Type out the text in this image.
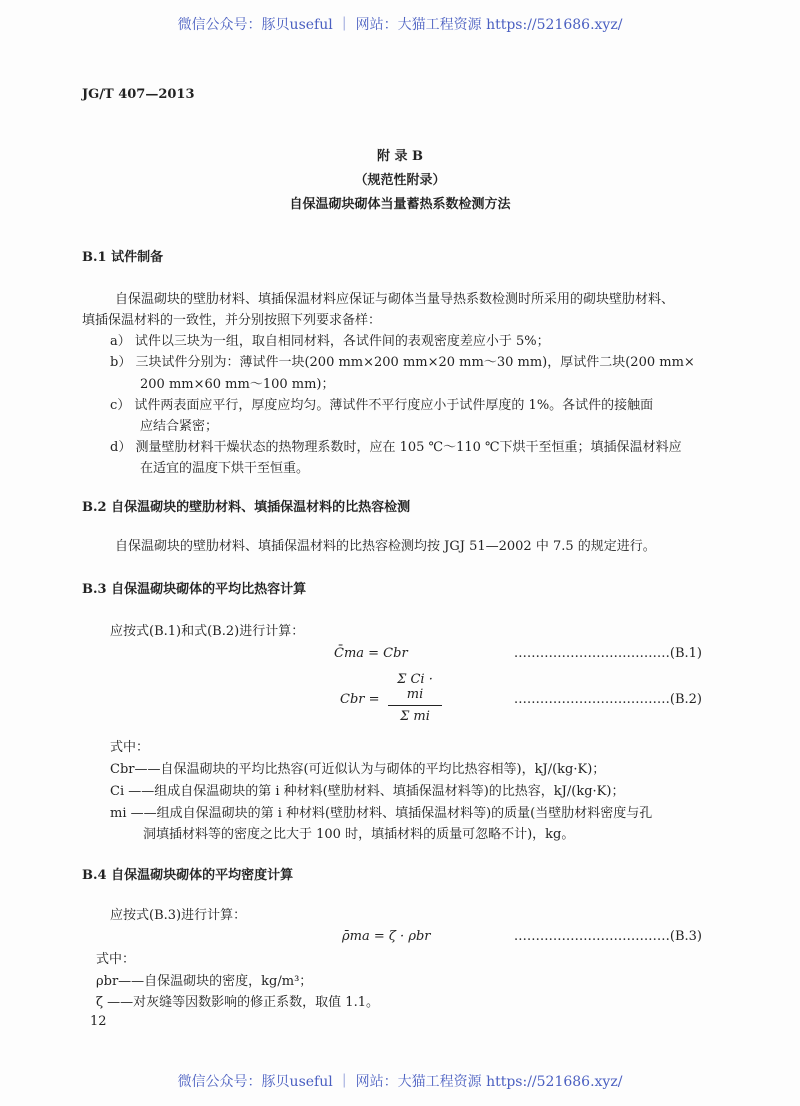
微信公众号：豚贝useful ｜ 网站：大猫工程资源 https://521686.xyz/
JG/T 407—2013
附 录 B
（规范性附录）
自保温砌块砌体当量蓄热系数检测方法
B.1 试件制备
自保温砌块的壁肋材料、填插保温材料应保证与砌体当量导热系数检测时所采用的砌块壁肋材料、
填插保温材料的一致性，并分别按照下列要求备样：
a） 试件以三块为一组，取自相同材料，各试件间的表观密度差应小于 5%；
b） 三块试件分别为：薄试件一块(200 mm×200 mm×20 mm～30 mm)，厚试件二块(200 mm×
200 mm×60 mm～100 mm)；
c） 试件两表面应平行，厚度应均匀。薄试件不平行度应小于试件厚度的 1%。各试件的接触面
应结合紧密；
d） 测量壁肋材料干燥状态的热物理系数时，应在 105 ℃～110 ℃下烘干至恒重；填插保温材料应
在适宜的温度下烘干至恒重。
B.2 自保温砌块的壁肋材料、填插保温材料的比热容检测
自保温砌块的壁肋材料、填插保温材料的比热容检测均按 JGJ 51—2002 中 7.5 的规定进行。
B.3 自保温砌块砌体的平均比热容计算
应按式(B.1)和式(B.2)进行计算：
C̄ma = Cbr	………………………………(B.1)
Cbr =
Σ Ci · mi
Σ mi
………………………………(B.2)
式中：
Cbr——自保温砌块的平均比热容(可近似认为与砌体的平均比热容相等)，kJ/(kg·K)；
Ci ——组成自保温砌块的第 i 种材料(壁肋材料、填插保温材料等)的比热容，kJ/(kg·K)；
mi ——组成自保温砌块的第 i 种材料(壁肋材料、填插保温材料等)的质量(当壁肋材料密度与孔
洞填插材料等的密度之比大于 100 时，填插材料的质量可忽略不计)，kg。
B.4 自保温砌块砌体的平均密度计算
应按式(B.3)进行计算：
ρ̄ma = ζ · ρbr	………………………………(B.3)
式中：
ρbr——自保温砌块的密度，kg/m³；
ζ ——对灰缝等因数影响的修正系数，取值 1.1。
12
微信公众号：豚贝useful ｜ 网站：大猫工程资源 https://521686.xyz/
